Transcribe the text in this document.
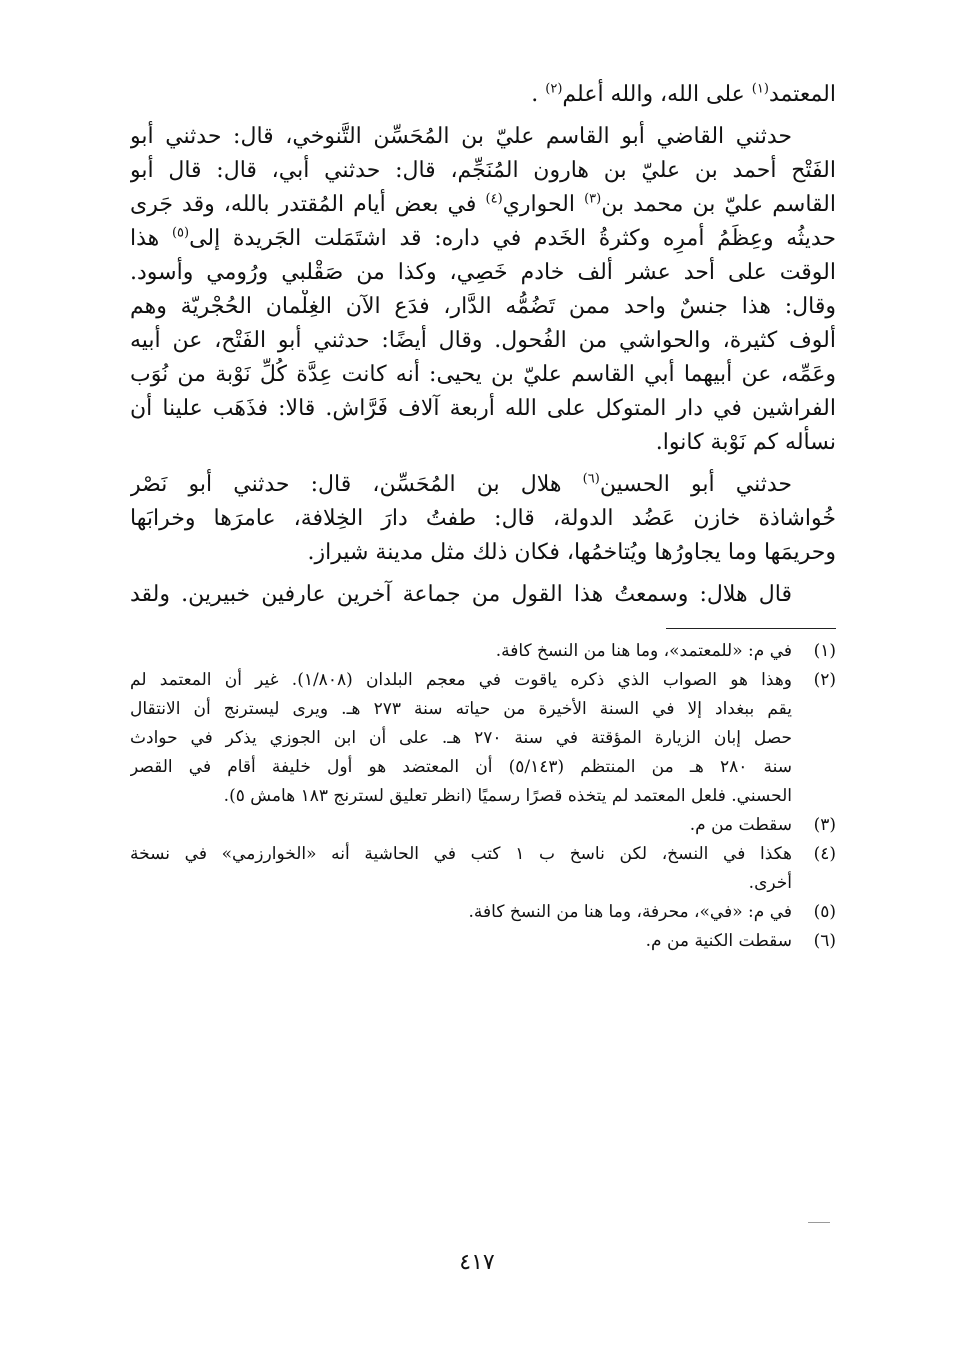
المعتمد$^{(١)}$ على الله، والله أعلم$^{(٢)}$ .
حدثني القاضي أبو القاسم عليّ بن المُحَسِّن التَّنوخي، قال: حدثني أبو
الفَتْح أحمد بن عليّ بن هارون المُنَجِّم، قال: حدثني أبي، قال: قال أبو
القاسم عليّ بن محمد بن$^{(٣)}$ الحواري$^{(٤)}$ في بعض أيام المُقتدر بالله، وقد جَرى
حديثُه وعِظَمُ أمرِه وكثرةُ الخَدم في داره: قد اشتَمَلت الجَريدة إلى$^{(٥)}$ هذا
الوقت على أحد عشر ألف خادم خَصِي، وكذا من صَقْلبي ورُومي وأسود.
وقال: هذا جنسٌ واحد ممن تَضُمُّه الدَّار، فدَع الآن الغِلْمان الحُجْريّة وهم
ألوف كثيرة، والحواشي من الفُحول. وقال أيضًا: حدثني أبو الفَتْح، عن أبيه
وعَمِّه، عن أبيهما أبي القاسم عليّ بن يحيى: أنه كانت عِدَّة كُلِّ نَوْبة من نُوَب
الفراشين في دار المتوكل على الله أربعة آلاف فَرَّاش. قالا: فذَهَب علينا أن
نسأله كم نَوْبة كانوا.
حدثني أبو الحسين$^{(٦)}$ هلال بن المُحَسِّن، قال: حدثني أبو نَصْر
خُواشاذة خازن عَضُد الدولة، قال: طفتُ دارَ الخِلافة، عامرَها وخرابَها
وحريمَها وما يجاورُها ويُتاخمُها، فكان ذلك مثل مدينة شيراز.
قال هلال: وسمعتُ هذا القول من جماعة آخرين عارفين خبيرين. ولقد
(١)
في م: «للمعتمد»، وما هنا من النسخ كافة.
(٢)
وهذا هو الصواب الذي ذكره ياقوت في معجم البلدان (١/٨٠٨). غير أن المعتمد لم
يقم ببغداد إلا في السنة الأخيرة من حياته سنة ٢٧٣ هـ. ويرى ليسترنج أن الانتقال
حصل إبان الزيارة المؤقتة في سنة ٢٧٠ هـ. على أن ابن الجوزي يذكر في حوادث
سنة ٢٨٠ هـ من المنتظم (٥/١٤٣) أن المعتضد هو أول خليفة أقام في القصر
الحسني. فلعل المعتمد لم يتخذه قصرًا رسميًا (انظر تعليق لسترنج ١٨٣ هامش ٥).
(٣)
سقطت من م.
(٤)
هكذا في النسخ، لكن ناسخ ب ١ كتب في الحاشية أنه «الخوارزمي» في نسخة
أخرى.
(٥)
في م: «في»، محرفة، وما هنا من النسخ كافة.
(٦)
سقطت الكنية من م.
٤١٧
